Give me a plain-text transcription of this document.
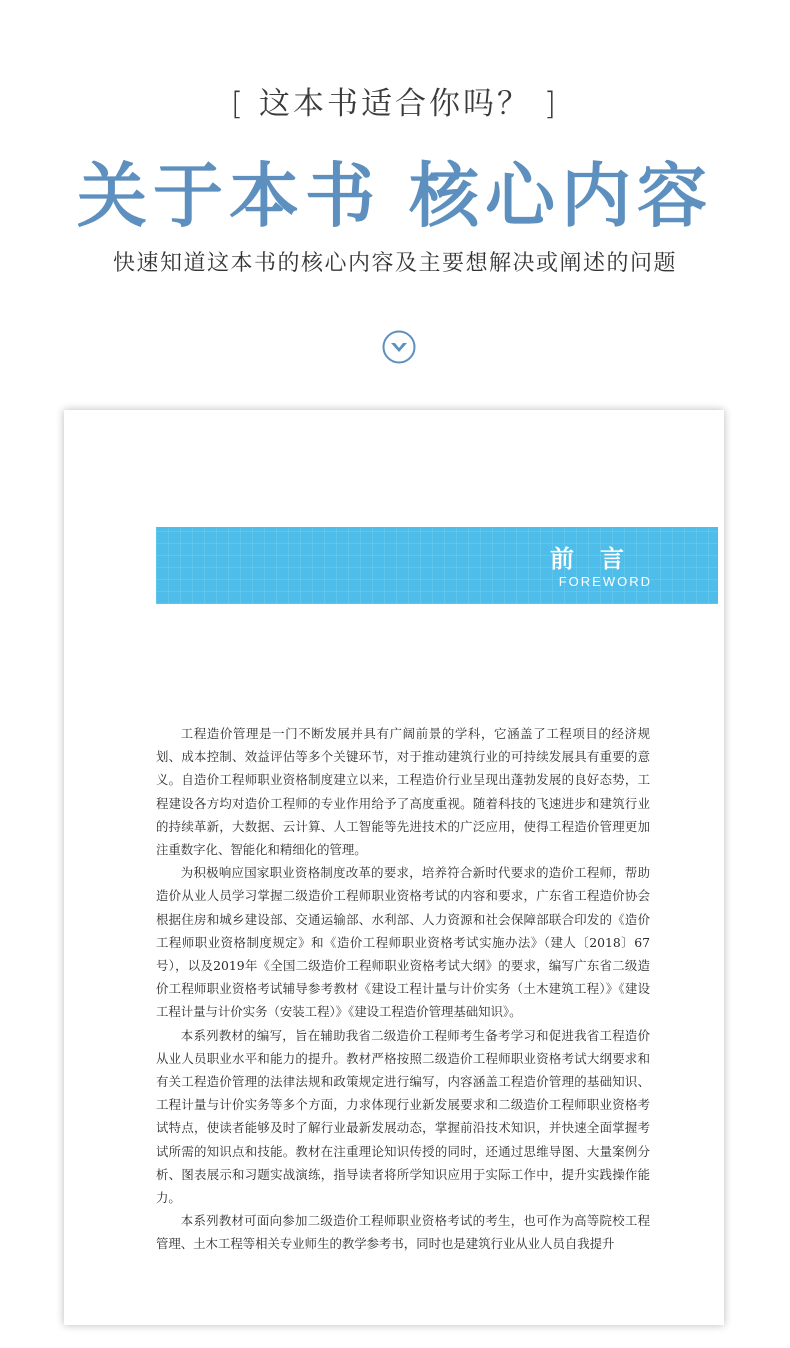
[ 这本书适合你吗？ ]
关于本书 核心内容
快速知道这本书的核心内容及主要想解决或阐述的问题
前言
FOREWORD

工程造价管理是一门不断发展并具有广阔前景的学科，它涵盖了工程项目的经济规划、成本控制、效益评估等多个关键环节，对于推动建筑行业的可持续发展具有重要的意义。自造价工程师职业资格制度建立以来，工程造价行业呈现出蓬勃发展的良好态势，工程建设各方均对造价工程师的专业作用给予了高度重视。随着科技的飞速进步和建筑行业的持续革新，大数据、云计算、人工智能等先进技术的广泛应用，使得工程造价管理更加注重数字化、智能化和精细化的管理。

为积极响应国家职业资格制度改革的要求，培养符合新时代要求的造价工程师，帮助造价从业人员学习掌握二级造价工程师职业资格考试的内容和要求，广东省工程造价协会根据住房和城乡建设部、交通运输部、水利部、人力资源和社会保障部联合印发的《造价工程师职业资格制度规定》和《造价工程师职业资格考试实施办法》（建人〔2018〕67号），以及2019年《全国二级造价工程师职业资格考试大纲》的要求，编写广东省二级造价工程师职业资格考试辅导参考教材《建设工程计量与计价实务（土木建筑工程）》《建设工程计量与计价实务（安装工程）》《建设工程造价管理基础知识》。

本系列教材的编写，旨在辅助我省二级造价工程师考生备考学习和促进我省工程造价从业人员职业水平和能力的提升。教材严格按照二级造价工程师职业资格考试大纲要求和有关工程造价管理的法律法规和政策规定进行编写，内容涵盖工程造价管理的基础知识、工程计量与计价实务等多个方面，力求体现行业新发展要求和二级造价工程师职业资格考试特点，使读者能够及时了解行业最新发展动态，掌握前沿技术知识，并快速全面掌握考试所需的知识点和技能。教材在注重理论知识传授的同时，还通过思维导图、大量案例分析、图表展示和习题实战演练，指导读者将所学知识应用于实际工作中，提升实践操作能力。

本系列教材可面向参加二级造价工程师职业资格考试的考生，也可作为高等院校工程管理、土木工程等相关专业师生的教学参考书，同时也是建筑行业从业人员自我提升
